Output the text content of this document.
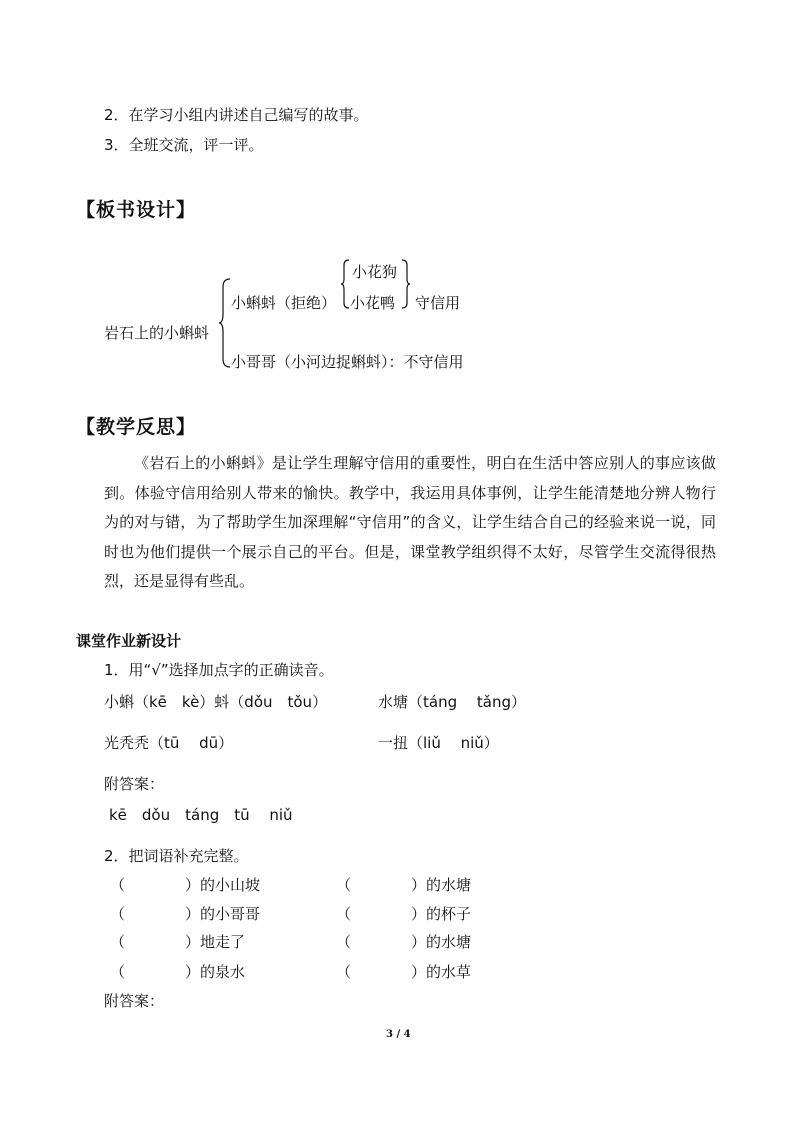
2．在学习小组内讲述自己编写的故事。
3．全班交流，评一评。
【板书设计】
岩石上的小蝌蚪
小蝌蚪（拒绝）
小花狗
小花鸭 守信用
小哥哥（小河边捉蝌蚪）：不守信用
【教学反思】
《岩石上的小蝌蚪》是让学生理解守信用的重要性，明白在生活中答应别人的事应该做到。体验守信用给别人带来的愉快。教学中，我运用具体事例，让学生能清楚地分辨人物行为的对与错，为了帮助学生加深理解“守信用”的含义，让学生结合自己的经验来说一说，同时也为他们提供一个展示自己的平台。但是，课堂教学组织得不太好，尽管学生交流得很热烈，还是显得有些乱。
课堂作业新设计
1．用“√”选择加点字的正确读音。
小蝌（kē　kè）蚪（dǒu　tǒu）	水塘（táng　 tǎng）
光秃秃（tū　 dū）	一扭（liǔ　 niǔ）
附答案：
kē　dǒu　táng　tū　 niǔ
2．把词语补充完整。
（　　　　）的小山坡	（　　　　）的水塘
（　　　　）的小哥哥	（　　　　）的杯子
（　　　　）地走了	（　　　　）的水塘
（　　　　）的泉水	（　　　　）的水草
附答案：
3 / 4
